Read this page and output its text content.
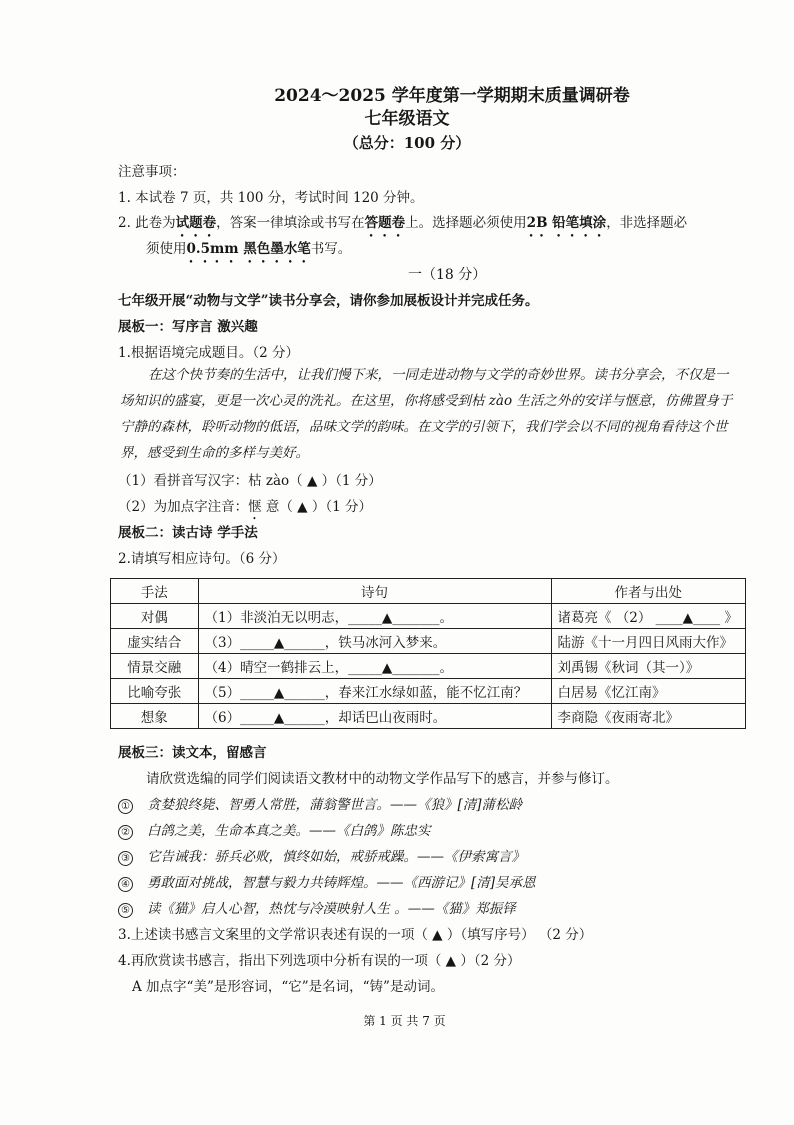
2024～2025 学年度第一学期期末质量调研卷
七年级语文
（总分：100 分）
注意事项：
1. 本试卷 7 页，共 100 分，考试时间 120 分钟。
2. 此卷为试题卷，答案一律填涂或书写在答题卷上。选择题必须使用2B 铅笔填涂，非选择题必
须使用0.5mm 黑色墨水笔书写。
一（18 分）
七年级开展“动物与文学”读书分享会，请你参加展板设计并完成任务。
展板一：写序言 激兴趣
1.根据语境完成题目。（2 分）
在这个快节奏的生活中，让我们慢下来，一同走进动物与文学的奇妙世界。读书分享会，不仅是一场知识的盛宴，更是一次心灵的洗礼。在这里，你将感受到枯 zào 生活之外的安详与惬意，仿佛置身于宁静的森林，聆听动物的低语，品味文学的韵味。在文学的引领下，我们学会以不同的视角看待这个世界，感受到生命的多样与美好。
（1）看拼音写汉字：枯 zào（ ▲ ）（1 分）
（2）为加点字注音：惬 意（ ▲ ）（1 分）
展板二：读古诗 学手法
2.请填写相应诗句。（6 分）
手法	诗句	作者与出处
对偶	（1）非淡泊无以明志，_____▲_______。	诸葛亮《 （2） ____▲____ 》
虚实结合	（3）_____▲______，铁马冰河入梦来。	陆游《十一月四日风雨大作》
情景交融	（4）晴空一鹤排云上，_____▲_______。	刘禹锡《秋词（其一）》
比喻夸张	（5）_____▲______，春来江水绿如蓝，能不忆江南？	白居易《忆江南》
想象	（6）_____▲______，却话巴山夜雨时。	李商隐《夜雨寄北》
展板三：读文本，留感言
请欣赏选编的同学们阅读语文教材中的动物文学作品写下的感言，并参与修订。
① 贪婪狼终毙、智勇人常胜，蒲翁警世言。——《狼》[清]蒲松龄
② 白鸽之美，生命本真之美。——《白鸽》陈忠实
③ 它告诫我：骄兵必败，慎终如始，戒骄戒躁。——《伊索寓言》
④ 勇敢面对挑战，智慧与毅力共铸辉煌。——《西游记》[清]吴承恩
⑤ 读《猫》启人心智，热忱与冷漠映射人生 。——《猫》郑振铎
3.上述读书感言文案里的文学常识表述有误的一项（ ▲ ）（填写序号） （2 分）
4.再欣赏读书感言，指出下列选项中分析有误的一项（ ▲ ）（2 分）
A 加点字“美”是形容词，“它”是名词，“铸”是动词。
第 1 页 共 7 页
